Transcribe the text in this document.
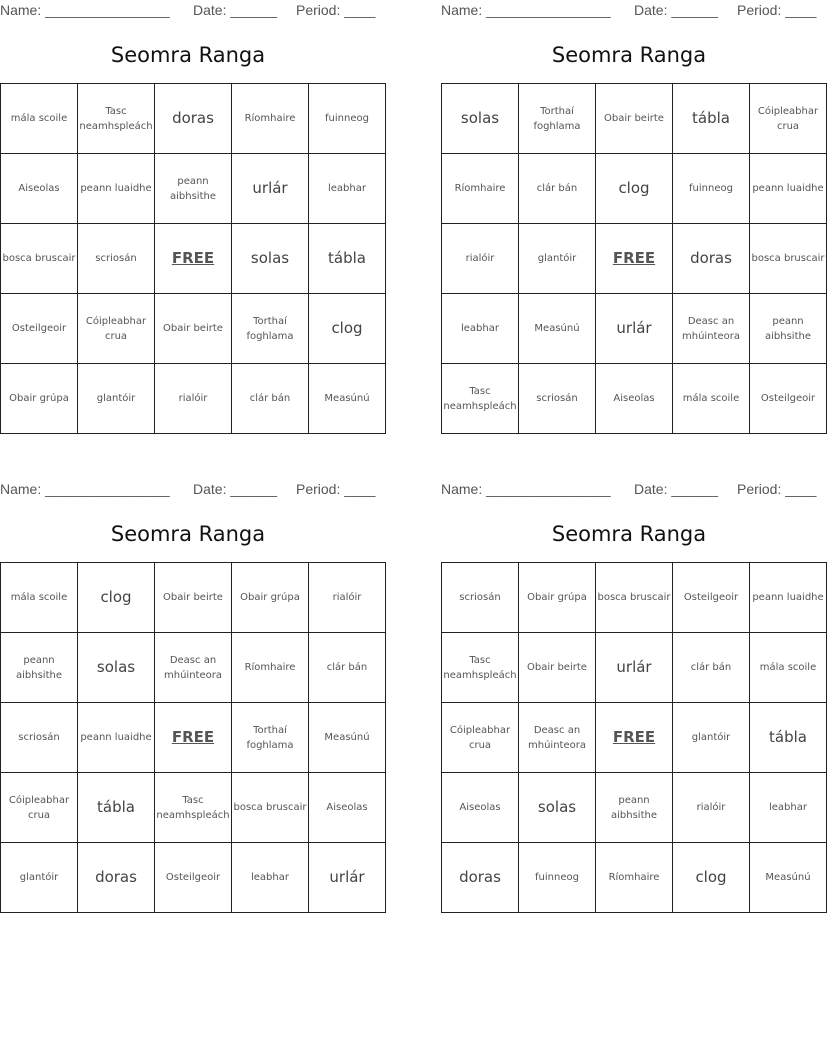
Name: ________________ Date: ______ Period: ____
Seomra Ranga
mála scoile	Tasc neamhspleách	doras	Ríomhaire	fuinneog
Aiseolas	peann luaidhe	peann aibhsithe	urlár	leabhar
bosca bruscair	scriosán	FREE	solas	tábla
Osteilgeoir	Cóipleabhar crua	Obair beirte	Torthaí foghlama	clog
Obair grúpa	glantóir	rialóir	clár bán	Measúnú
Name: ________________ Date: ______ Period: ____
Seomra Ranga
solas	Torthaí foghlama	Obair beirte	tábla	Cóipleabhar crua
Ríomhaire	clár bán	clog	fuinneog	peann luaidhe
rialóir	glantóir	FREE	doras	bosca bruscair
leabhar	Measúnú	urlár	Deasc an mhúinteora	peann aibhsithe
Tasc neamhspleách	scriosán	Aiseolas	mála scoile	Osteilgeoir
Name: ________________ Date: ______ Period: ____
Seomra Ranga
mála scoile	clog	Obair beirte	Obair grúpa	rialóir
peann aibhsithe	solas	Deasc an mhúinteora	Ríomhaire	clár bán
scriosán	peann luaidhe	FREE	Torthaí foghlama	Measúnú
Cóipleabhar crua	tábla	Tasc neamhspleách	bosca bruscair	Aiseolas
glantóir	doras	Osteilgeoir	leabhar	urlár
Name: ________________ Date: ______ Period: ____
Seomra Ranga
scriosán	Obair grúpa	bosca bruscair	Osteilgeoir	peann luaidhe
Tasc neamhspleách	Obair beirte	urlár	clár bán	mála scoile
Cóipleabhar crua	Deasc an mhúinteora	FREE	glantóir	tábla
Aiseolas	solas	peann aibhsithe	rialóir	leabhar
doras	fuinneog	Ríomhaire	clog	Measúnú
